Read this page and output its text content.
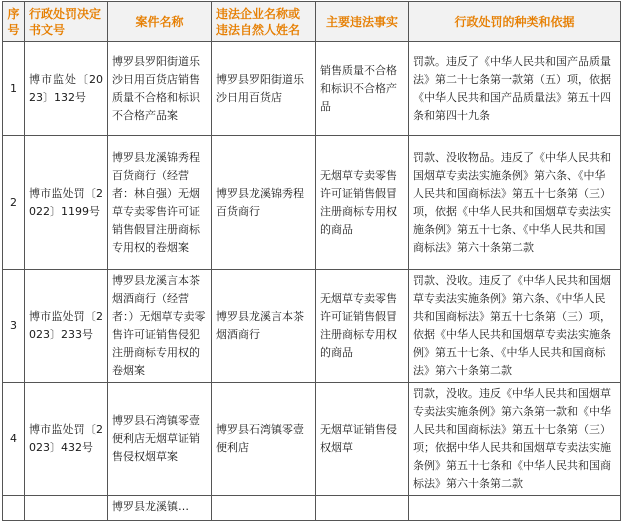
序号	行政处罚决定书文号	案件名称	违法企业名称或违法自然人姓名	主要违法事实	行政处罚的种类和依据
1	博市监处〔2023〕132号	博罗县罗阳街道乐沙日用百货店销售质量不合格和标识不合格产品案	博罗县罗阳街道乐沙日用百货店	销售质量不合格和标识不合格产品	罚款。违反了《中华人民共和国产品质量法》第二十七条第一款第（五）项，依据《中华人民共和国产品质量法》第五十四条和第四十九条
2	博市监处罚〔2022〕1199号	博罗县龙溪锦秀程百货商行（经营者：林自强）无烟草专卖零售许可证销售假冒注册商标专用权的卷烟案	博罗县龙溪锦秀程百货商行	无烟草专卖零售许可证销售假冒注册商标专用权的商品	罚款、没收物品。违反了《中华人民共和国烟草专卖法实施条例》第六条、《中华人民共和国商标法》第五十七条第（三）项，依据《中华人民共和国烟草专卖法实施条例》第五十七条、《中华人民共和国商标法》第六十条第二款
3	博市监处罚〔2023〕233号	博罗县龙溪言本茶烟酒商行（经营者：）无烟草专卖零售许可证销售侵犯注册商标专用权的卷烟案	博罗县龙溪言本茶烟酒商行	无烟草专卖零售许可证销售假冒注册商标专用权的商品	罚款、没收。违反了《中华人民共和国烟草专卖法实施条例》第六条、《中华人民共和国商标法》第五十七条第（三）项，依据《中华人民共和国烟草专卖法实施条例》第五十七条、《中华人民共和国商标法》第六十条第二款
4	博市监处罚〔2023〕432号	博罗县石湾镇零壹便利店无烟草证销售侵权烟草案	博罗县石湾镇零壹便利店	无烟草证销售侵权烟草	罚款，没收。违反《中华人民共和国烟草专卖法实施条例》第六条第一款和《中华人民共和国商标法》第五十七条第（三）项；依据中华人民共和国烟草专卖法实施条例》第五十七条和《中华人民共和国商标法》第六十条第二款

		博罗县龙溪镇…			
